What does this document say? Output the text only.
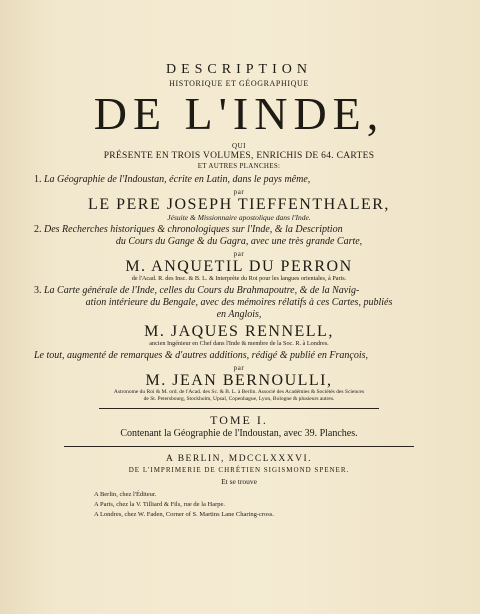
DESCRIPTION
HISTORIQUE ET GÉOGRAPHIQUE
DE L'INDE,
QUI
PRÉSENTE EN TROIS VOLUMES, ENRICHIS DE 64. CARTES
ET AUTRES PLANCHES:
1. La Géographie de l'Indoustan, écrite en Latin, dans le pays même,
par
LE PERE JOSEPH TIEFFENTHALER,
Jésuite & Missionnaire apostolique dans l'Inde.
2. Des Recherches historiques & chronologiques sur l'Inde, & la Description
du Cours du Gange & du Gagra, avec une très grande Carte,
par
M. ANQUETIL DU PERRON
de l'Acad. R. des Insc. & B. L. & Interprète du Roi pour les langues orientales, à Paris.
3. La Carte générale de l'Inde, celles du Cours du Brahmapoutre, & de la Navig-
ation intérieure du Bengale, avec des mémoires rélatifs à ces Cartes, publiés
en Anglois,
M. JAQUES RENNELL,
ancien Ingénieur en Chef dans l'Inde & membre de la Soc. R. à Londres.
Le tout, augmenté de remarques & d'autres additions, rédigé & publié en François,
par
M. JEAN BERNOULLI,
Astronome du Roi & M. ord. de l'Acad. des Sc. & B. L. à Berlin. Associé des Académies & Sociétés des Sciences
de St. Petersbourg, Stockholm, Upsal, Copenhague, Lyon, Bologne & plusieurs autres.
TOME I.
Contenant la Géographie de l'Indoustan, avec 39. Planches.
A BERLIN, MDCCLXXXVI.
DE L'IMPRIMERIE DE CHRÉTIEN SIGISMOND SPENER.
Et se trouve
A Berlin, chez l'Éditeur.
A Paris, chez la V. Tilliard & Fils, rue de la Harpe.
A Londres, chez W. Faden, Corner of S. Martins Lane Charing-cross.
